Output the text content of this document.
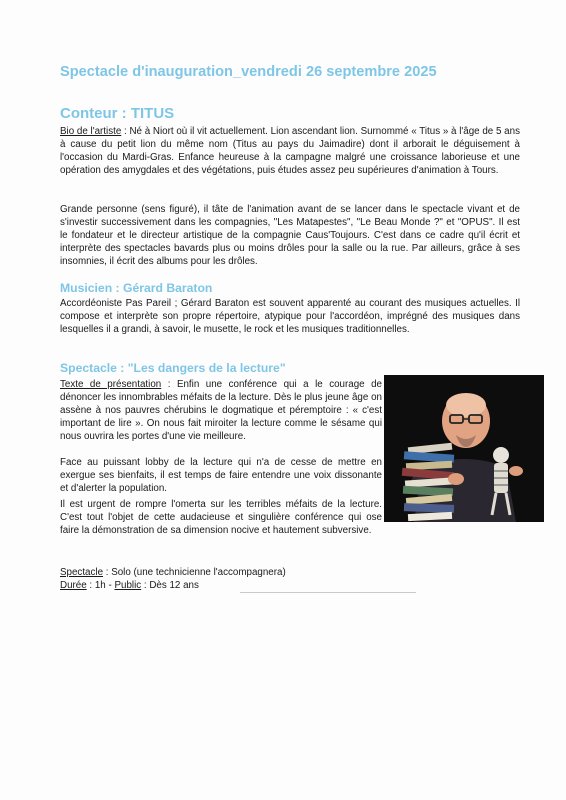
Spectacle d'inauguration_vendredi 26 septembre 2025
Conteur : TITUS
Bio de l'artiste : Né à Niort où il vit actuellement. Lion ascendant lion. Surnommé « Titus » à l'âge de 5 ans à cause du petit lion du même nom (Titus au pays du Jaimadire) dont il arborait le déguisement à l'occasion du Mardi-Gras. Enfance heureuse à la campagne malgré une croissance laborieuse et une opération des amygdales et des végétations, puis études assez peu supérieures d'animation à Tours.
Grande personne (sens figuré), il tâte de l'animation avant de se lancer dans le spectacle vivant et de s'investir successivement dans les compagnies, "Les Matapestes", "Le Beau Monde ?" et "OPUS". Il est le fondateur et le directeur artistique de la compagnie Caus'Toujours. C'est dans ce cadre qu'il écrit et interprète des spectacles bavards plus ou moins drôles pour la salle ou la rue. Par ailleurs, grâce à ses insomnies, il écrit des albums pour les drôles.
Musicien : Gérard Baraton
Accordéoniste Pas Pareil ; Gérard Baraton est souvent apparenté au courant des musiques actuelles. Il compose et interprète son propre répertoire, atypique pour l'accordéon, imprégné des musiques dans lesquelles il a grandi, à savoir, le musette, le rock et les musiques traditionnelles.
Spectacle : "Les dangers de la lecture"
Texte de présentation : Enfin une conférence qui a le courage de dénoncer les innombrables méfaits de la lecture. Dès le plus jeune âge on assène à nos pauvres chérubins le dogmatique et péremptoire : « c'est important de lire ». On nous fait miroiter la lecture comme le sésame qui nous ouvrira les portes d'une vie meilleure.
Face au puissant lobby de la lecture qui n'a de cesse de mettre en exergue ses bienfaits, il est temps de faire entendre une voix dissonante et d'alerter la population.
Il est urgent de rompre l'omerta sur les terribles méfaits de la lecture. C'est tout l'objet de cette audacieuse et singulière conférence qui ose faire la démonstration de sa dimension nocive et hautement subversive.
Spectacle : Solo (une technicienne l'accompagnera)
Durée : 1h - Public : Dès 12 ans
